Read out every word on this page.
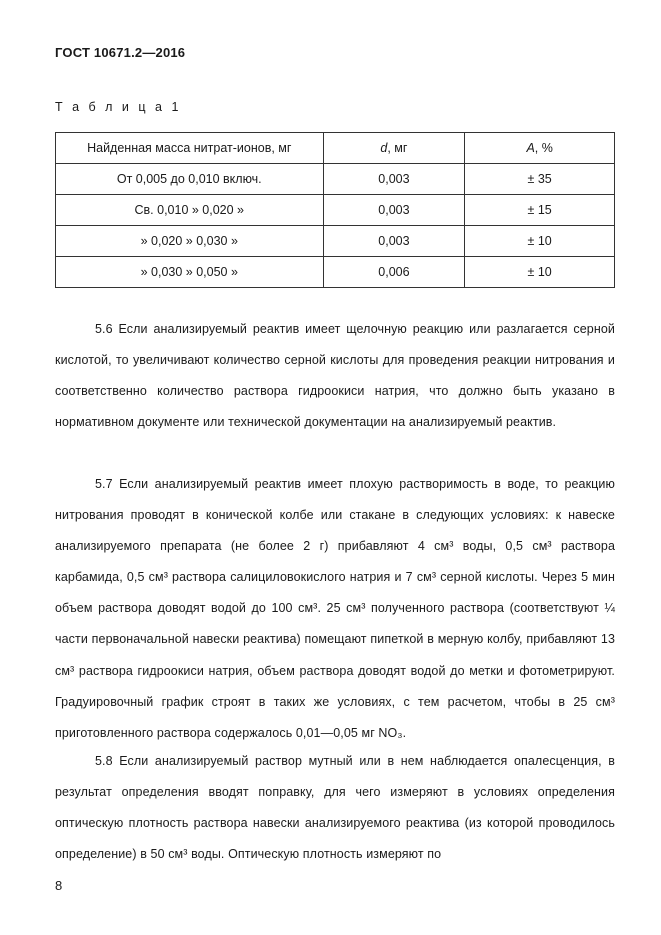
ГОСТ 10671.2—2016
Т а б л и ц а 1
Найденная масса нитрат-ионов, мг	d, мг	A, %
От 0,005 до 0,010 включ.	0,003	± 35
Св. 0,010 » 0,020 »	0,003	± 15
» 0,020 » 0,030 »	0,003	± 10
» 0,030 » 0,050 »	0,006	± 10

5.6 Если анализируемый реактив имеет щелочную реакцию или разлагается серной кислотой, то увеличивают количество серной кислоты для проведения реакции нитрования и соответственно количество раствора гидроокиси натрия, что должно быть указано в нормативном документе или технической документации на анализируемый реактив.

5.7 Если анализируемый реактив имеет плохую растворимость в воде, то реакцию нитрования проводят в конической колбе или стакане в следующих условиях: к навеске анализируемого препарата (не более 2 г) прибавляют 4 см³ воды, 0,5 см³ раствора карбамида, 0,5 см³ раствора салициловокислого натрия и 7 см³ серной кислоты. Через 5 мин объем раствора доводят водой до 100 см³. 25 см³ полученного раствора (соответствуют ¼ части первоначальной навески реактива) помещают пипеткой в мерную колбу, прибавляют 13 см³ раствора гидроокиси натрия, объем раствора доводят водой до метки и фотометрируют. Градуировочный график строят в таких же условиях, с тем расчетом, чтобы в 25 см³ приготовленного раствора содержалось 0,01—0,05 мг NO₃.

5.8 Если анализируемый раствор мутный или в нем наблюдается опалесценция, в результат определения вводят поправку, для чего измеряют в условиях определения оптическую плотность раствора навески анализируемого реактива (из которой проводилось определение) в 50 см³ воды. Оптическую плотность измеряют по

8
